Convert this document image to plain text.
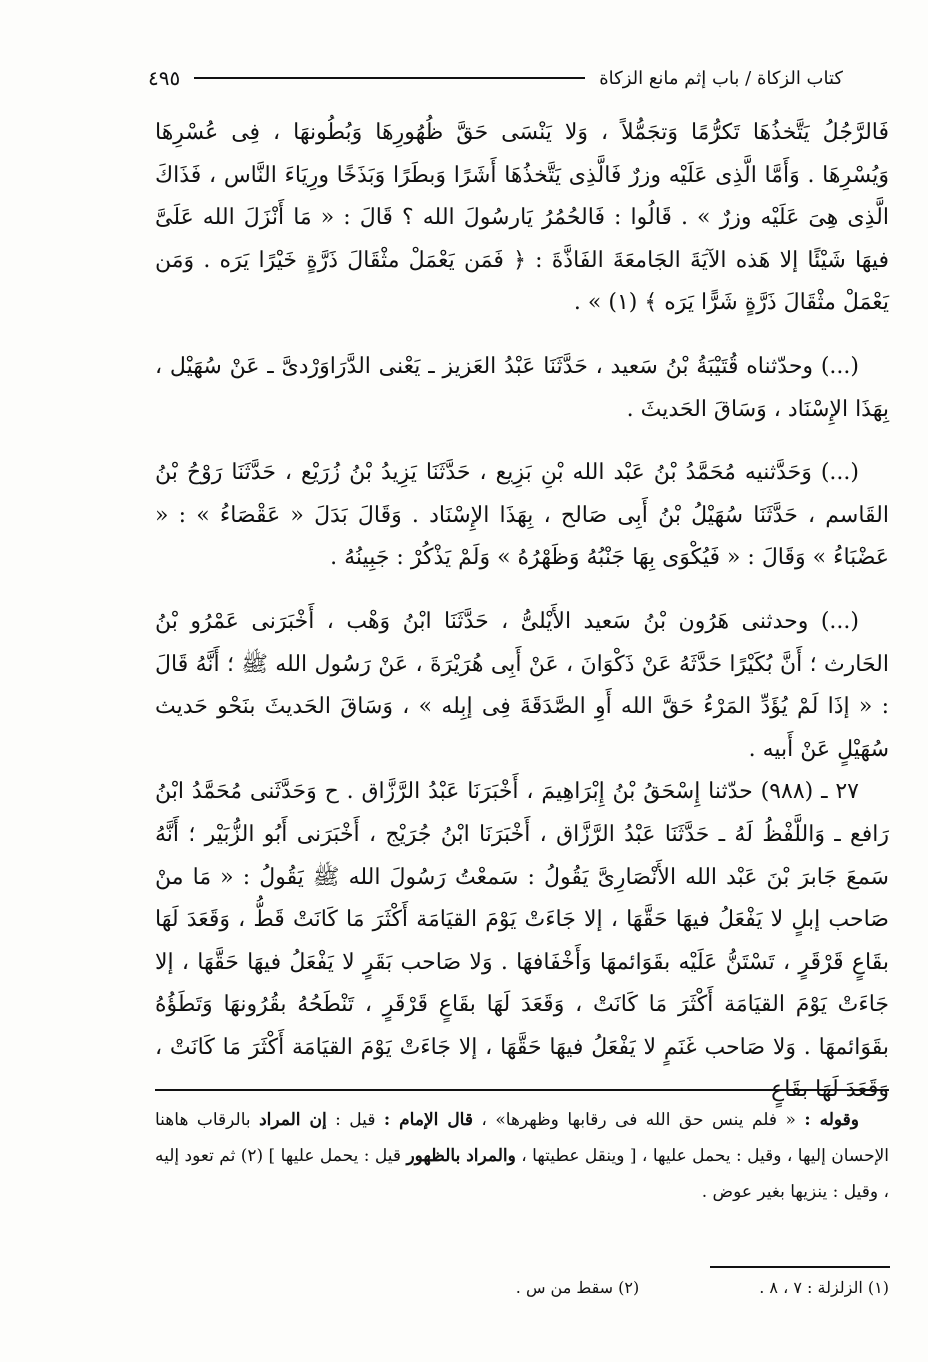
كتاب الزكاة / باب إثم مانع الزكاة
٤٩٥

فَالرَّجُلُ يَتَّخذُهَا تَكرُّمًا وَتجَمُّلاً ، وَلا يَنْسَى حَقَّ ظُهُورِهَا وَبُطُونهَا ، فِى عُسْرِهَا وَيُسْرِهَا . وَأَمَّا الَّذِى عَلَيْه وزرٌ فَالَّذِى يَتَّخذُهَا أَشَرًا وَبطَرًا وَبَذَخًا ورِيَاءَ النَّاس ، فَذَاكَ الَّذِى هِىَ عَلَيْه وزرٌ » . قَالُوا : فَالحُمُرُ يَارسُولَ الله ؟ قَالَ : « مَا أَنْزَلَ الله عَلَىَّ فيهَا شَيْئًا إلا هَذه الآيَةَ الجَامعَةَ الفَاذَّةَ : ﴿ فَمَن يَعْمَلْ مثْقَالَ ذَرَّةٍ خَيْرًا يَرَه . وَمَن يَعْمَلْ مثْقَالَ ذَرَّةٍ شَرًّا يَرَه ﴾ (١) » .

(...) وحدّثناه قُتَيْبَةُ بْنُ سَعيد ، حَدَّثَنَا عَبْدُ العَزيز ـ يَعْنى الدَّرَاوَرْدىَّ ـ عَنْ سُهَيْل ، بِهَذَا الإِسْنَاد ، وَسَاقَ الحَديثَ .

(...) وَحَدَّثنيه مُحَمَّدُ بْنُ عَبْد الله بْنِ بَزِيع ، حَدَّثَنَا يَزِيدُ بْنُ زُرَيْع ، حَدَّثَنَا رَوْحُ بْنُ القَاسم ، حَدَّثَنَا سُهَيْلُ بْنُ أَبِى صَالح ، بِهَذَا الإِسْنَاد . وَقَالَ بَدَلَ « عَقْصَاءُ » : « عَضْبَاءُ » وَقَالَ : « فَيُكْوَى بِهَا جَنْبُهُ وَظَهْرُهُ » وَلَمْ يَذْكُرْ : جَبِينُهُ .

(...) وحدثنى هَرُون بْنُ سَعيد الأَيْلىُّ ، حَدَّثَنَا ابْنُ وَهْب ، أَخْبَرَنى عَمْرُو بْنُ الحَارث ؛ أَنَّ بُكَيْرًا حَدَّثَهُ عَنْ ذَكْوَانَ ، عَنْ أَبِى هُرَيْرَةَ ، عَنْ رَسُول الله ﷺ ؛ أَنَّهُ قَالَ : « إذَا لَمْ يُؤَدِّ المَرْءُ حَقَّ الله أَوِ الصَّدَقَةَ فِى إبِله » ، وَسَاقَ الحَديثَ بنَحْو حَديث سُهَيْلٍ عَنْ أَبيه .

٢٧ ـ (٩٨٨) حدّثنا إِسْحَقُ بْنُ إِبْرَاهِيمَ ، أَخْبَرَنَا عَبْدُ الرَّزَّاق . ح وَحَدَّثَنى مُحَمَّدُ ابْنُ رَافع ـ وَاللَّفْظُ لَهُ ـ حَدَّثَنَا عَبْدُ الرَّزَّاق ، أَخْبَرَنَا ابْنُ جُرَيْج ، أَخْبَرَنى أَبُو الزُّبَيْر ؛ أَنَّهُ سَمعَ جَابرَ بْنَ عَبْد الله الأَنْصَارِىَّ يَقُولُ : سَمعْتُ رَسُولَ الله ﷺ يَقُولُ : « مَا منْ صَاحب إبلٍ لا يَفْعَلُ فيهَا حَقَّهَا ، إلا جَاءَتْ يَوْمَ القيَامَة أَكْثَرَ مَا كَانَتْ قَطُّ ، وَقَعَدَ لَهَا بقَاعٍ قَرْقَرٍ ، تَسْتَنُّ عَلَيْه بقَوَائمهَا وَأَخْفَافهَا . وَلا صَاحب بَقَرٍ لا يَفْعَلُ فيهَا حَقَّهَا ، إلا جَاءَتْ يَوْمَ القيَامَة أَكْثَرَ مَا كَانَتْ ، وَقَعَدَ لَهَا بقَاعٍ قَرْقَرٍ ، تَنْطَحُهُ بقُرُونهَا وَتَطَؤُهُ بقَوَائمهَا . وَلا صَاحب غَنَمٍ لا يَفْعَلُ فيهَا حَقَّهَا ، إلا جَاءَتْ يَوْمَ القيَامَة أَكْثَرَ مَا كَانَتْ ، وَقَعَدَ لَهَا بقَاعٍ

وقوله : « فلم ينس حق الله فى رقابها وظهرها» ، قال الإمام : قيل : إن المراد بالرقاب هاهنا الإحسان إليها ، وقيل : يحمل عليها ، [ وينقل عطيتها ، والمراد بالظهور قيل : يحمل عليها ] (٢) ثم تعود إليه ، وقيل : ينزيها بغير عوض .

(١) الزلزلة : ٧ ، ٨ .
(٢) سقط من س .
